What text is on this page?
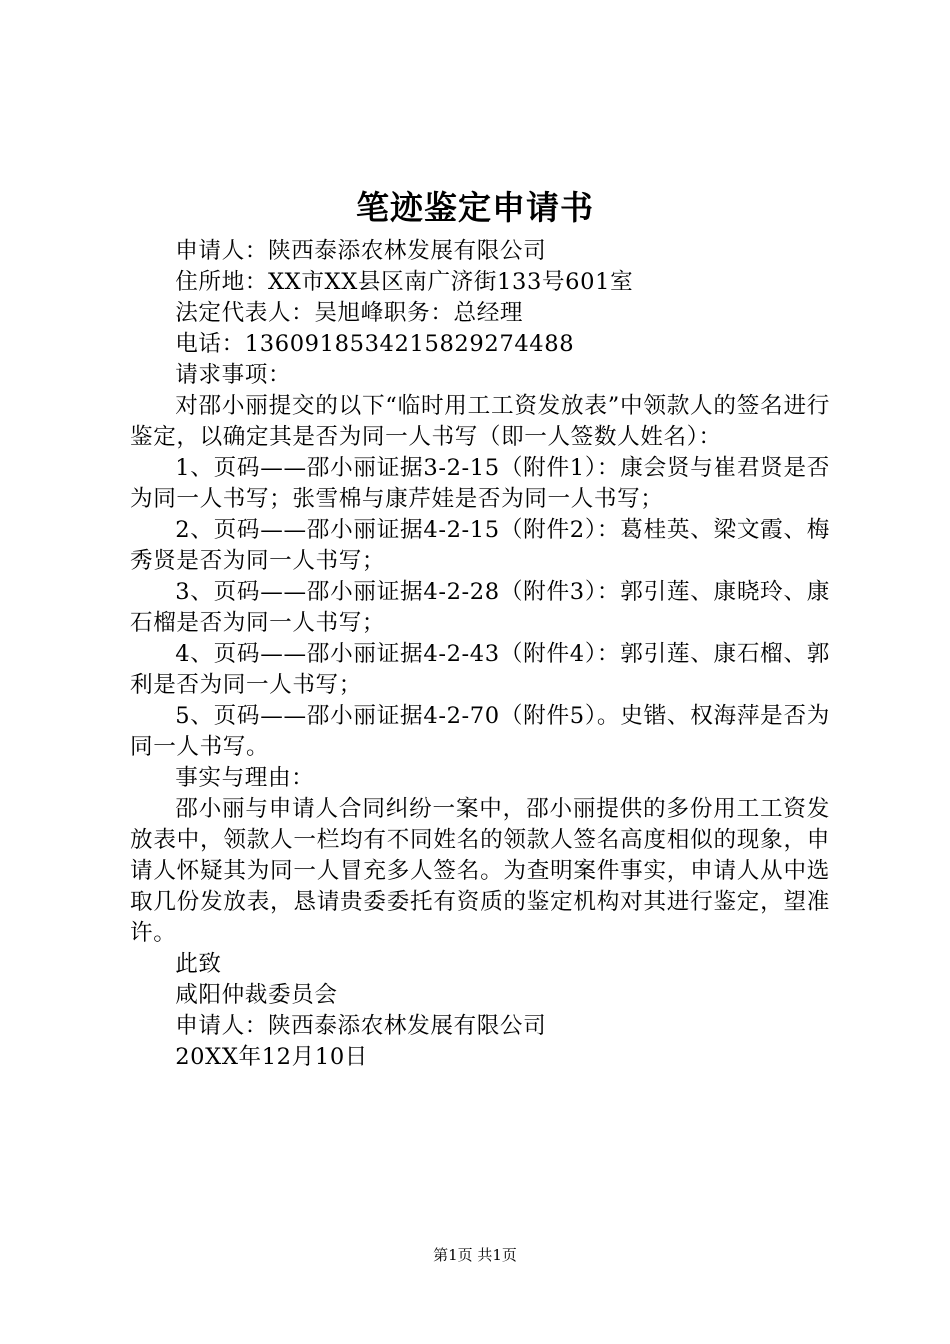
笔迹鉴定申请书

申请人：陕西泰添农林发展有限公司

住所地：XX市XX县区南广济街133号601室

法定代表人：吴旭峰职务：总经理

电话：13609185342158292744​88

请求事项：

对邵小丽提交的以下“临时用工工资发放表”中领款人的签名进行鉴定，以确定其是否为同一人书写（即一人签数人姓名）：

1、页码——邵小丽证据3-2-15（附件1）：康会贤与崔君贤是否为同一人书写；张雪棉与康芹娃是否为同一人书写；

2、页码——邵小丽证据4-2-15（附件2）：葛桂英、梁文霞、梅秀贤是否为同一人书写；

3、页码——邵小丽证据4-2-28（附件3）：郭引莲、康晓玲、康石榴是否为同一人书写；

4、页码——邵小丽证据4-2-43（附件4）：郭引莲、康石榴、郭利是否为同一人书写；

5、页码——邵小丽证据4-2-70（附件5）。史锴、权海萍是否为同一人书写。

事实与理由：

邵小丽与申请人合同纠纷一案中，邵小丽提供的多份用工工资发放表中，领款人一栏均有不同姓名的领款人签名高度相似的现象，申请人怀疑其为同一人冒充多人签名。为查明案件事实，申请人从中选取几份发放表，恳请贵委委托有资质的鉴定机构对其进行鉴定，望准许。

此致

咸阳仲裁委员会

申请人：陕西泰添农林发展有限公司

20XX年12月10日

第1页 共1页
